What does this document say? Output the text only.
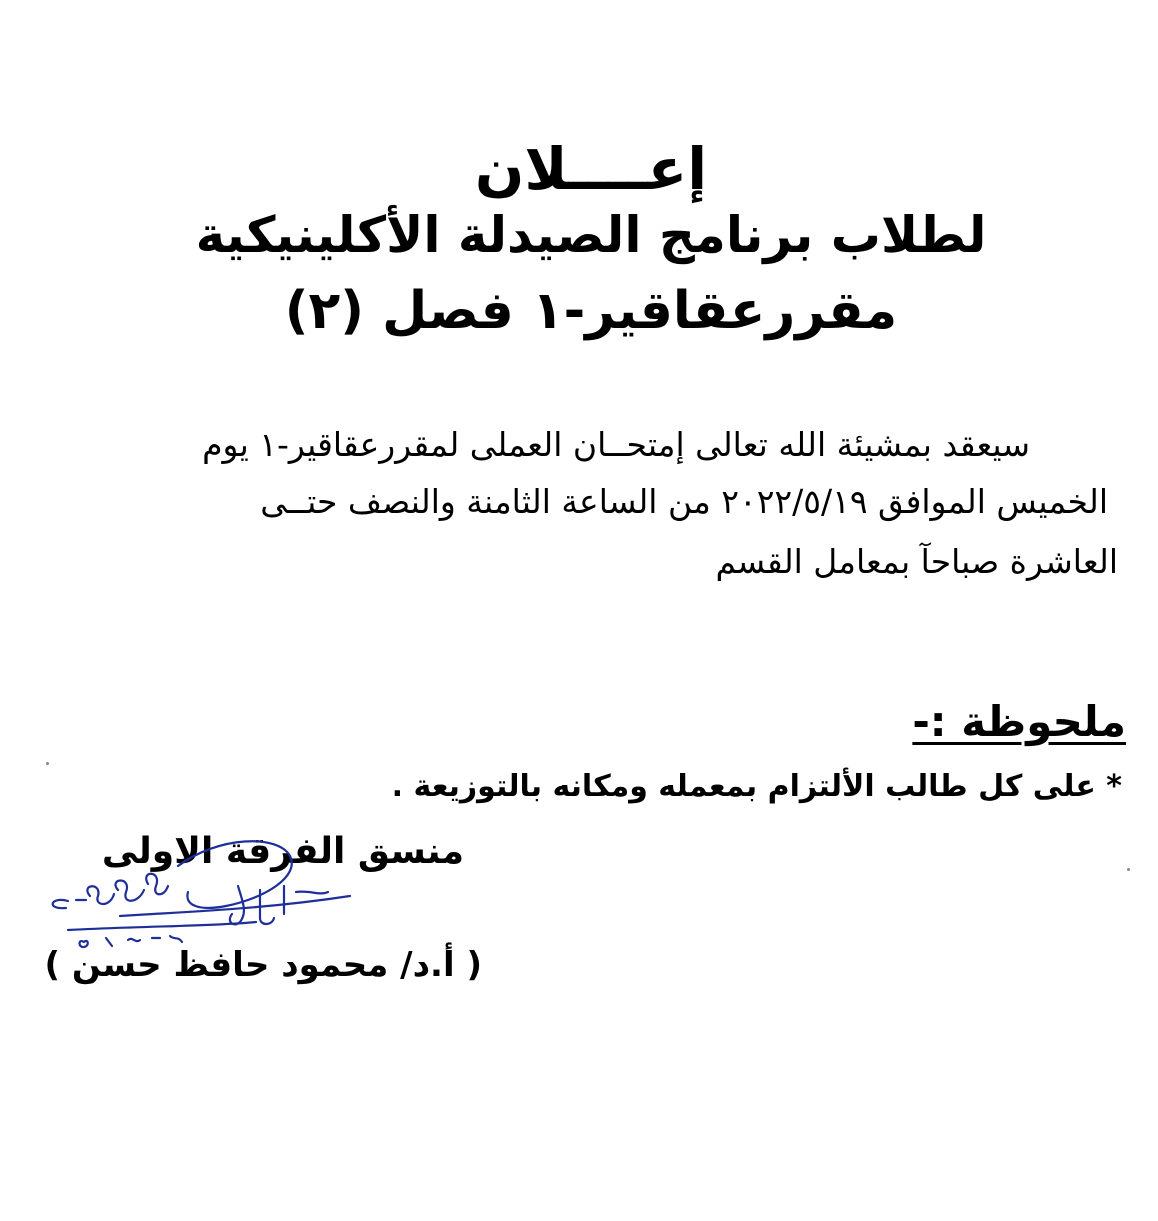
إعــــلان
لطلاب برنامج الصيدلة الأكلينيكية
مقررعقاقير-١ فصل (٢)
سيعقد بمشيئة الله تعالى إمتحــان العملى لمقررعقاقير-١ يوم
الخميس الموافق ٢٠٢٢/٥/١٩ من الساعة الثامنة والنصف حتــى
العاشرة صباحآ بمعامل القسم
ملحوظة :-
* على كل طالب الألتزام بمعمله ومكانه بالتوزيعة .
منسق الفرقة الاولى
( أ.د/ محمود حافظ حسن )
